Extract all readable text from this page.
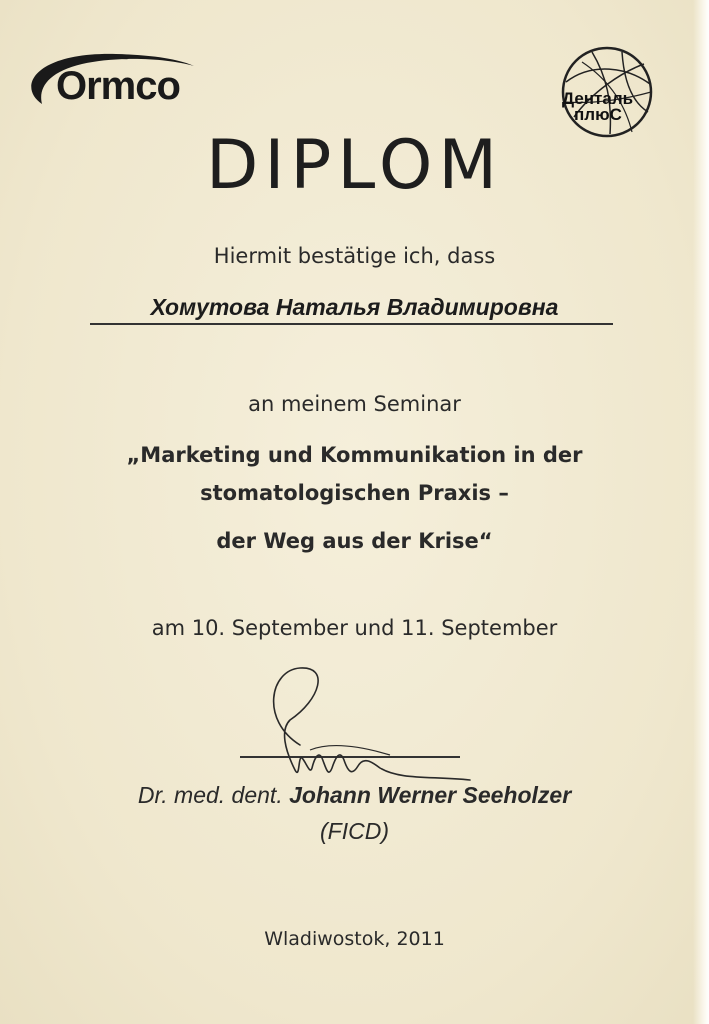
Ormco	Денталь
плюС
DIPLOM
Hiermit bestätige ich, dass
Хомутова Наталья Владимировна
an meinem Seminar
„Marketing und Kommunikation in der
stomatologischen Praxis –
der Weg aus der Krise“
am 10. September und 11. September
Dr. med. dent. Johann Werner Seeholzer
(FICD)
Wladiwostok, 2011
